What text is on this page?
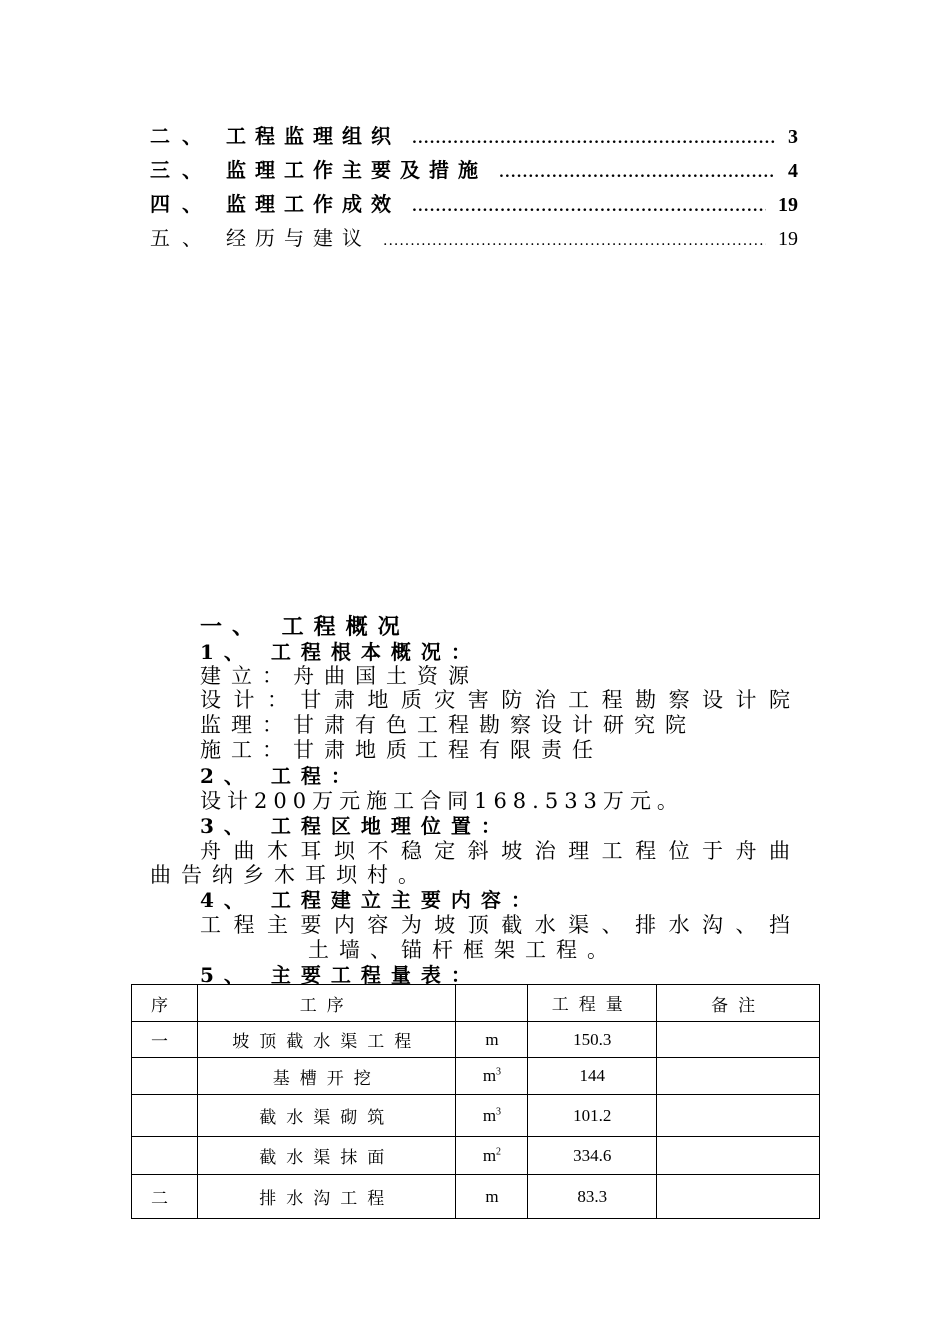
二、 工程监理组织 .....	3
三、 监理工作主要及措施 .....	4
四、 监理工作成效 .....	19
五、 经历与建议 .....	19
一、 工程概况
1、 工程根本概况：
建立：舟曲国土资源
设计：甘肃地质灾害防治工程勘察设计院
监理：甘肃有色工程勘察设计研究院
施工：甘肃地质工程有限责任
2、 工程：
设计200万元施工合同168.533万元。
3、 工程区地理位置：
舟曲木耳坝不稳定斜坡治理工程位于舟曲
曲告纳乡木耳坝村。
4、 工程建立主要内容：
工程主要内容为坡顶截水渠、排水沟、挡
土墙、锚杆框架工程。
5、 主要工程量表：
序	工序		工程量	备注
一	坡顶截水渠工程	m	150.3	
	基槽开挖	$m^3$	144	
	截水渠砌筑	$m^3$	101.2	
	截水渠抹面	$m^2$	334.6	
二	排水沟工程	m	83.3	
